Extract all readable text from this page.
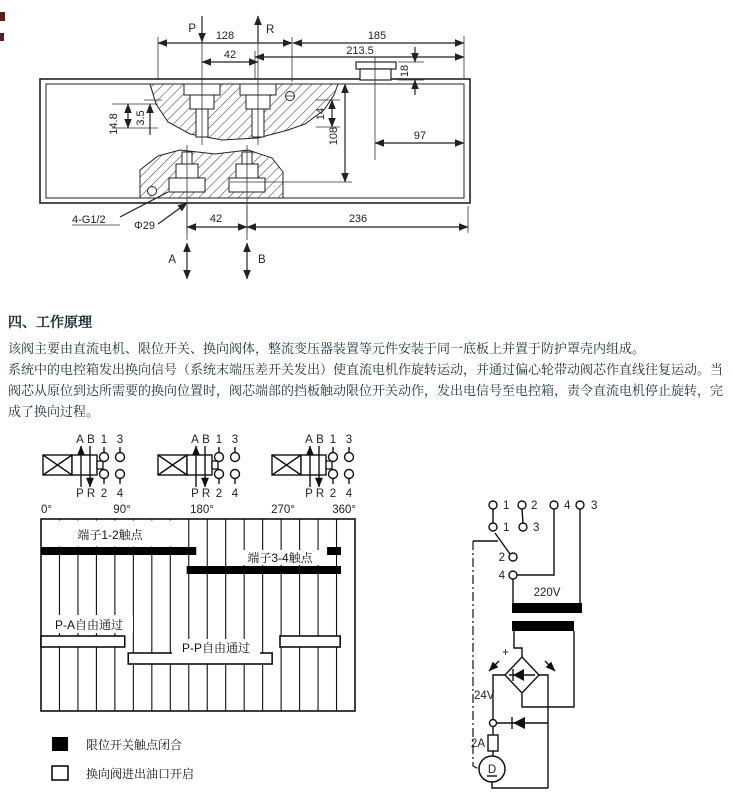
P	R
A	B
128	185
213.5
42
18
97
108
14
14.8 3.5
42	236
4-G1/2	Φ29
四、工作原理

该阀主要由直流电机、限位开关、换向阀体，整流变压器装置等元件安装于同一底板上并置于防护罩壳内组成。

系统中的电控箱发出换向信号（系统末端压差开关发出）使直流电机作旋转运动，并通过偏心轮带动阀芯作直线往复运动。当阀芯从原位到达所需要的换向位置时，阀芯端部的挡板触动限位开关动作，发出电信号至电控箱，责令直流电机停止旋转，完成了换向过程。

A B 1 3
P R 2 4
0°	90°	180°	270°	360°
端子1-2触点
端子3-4触点
P-A自由通过
P-P自由通过
限位开关触点闭合
换向阀进出油口开启
1 2 4 3
1 3
2
4
220V
+
24V
2A
D
A B 1 3
P R 2 4
A B 1 3
P R 2 4
